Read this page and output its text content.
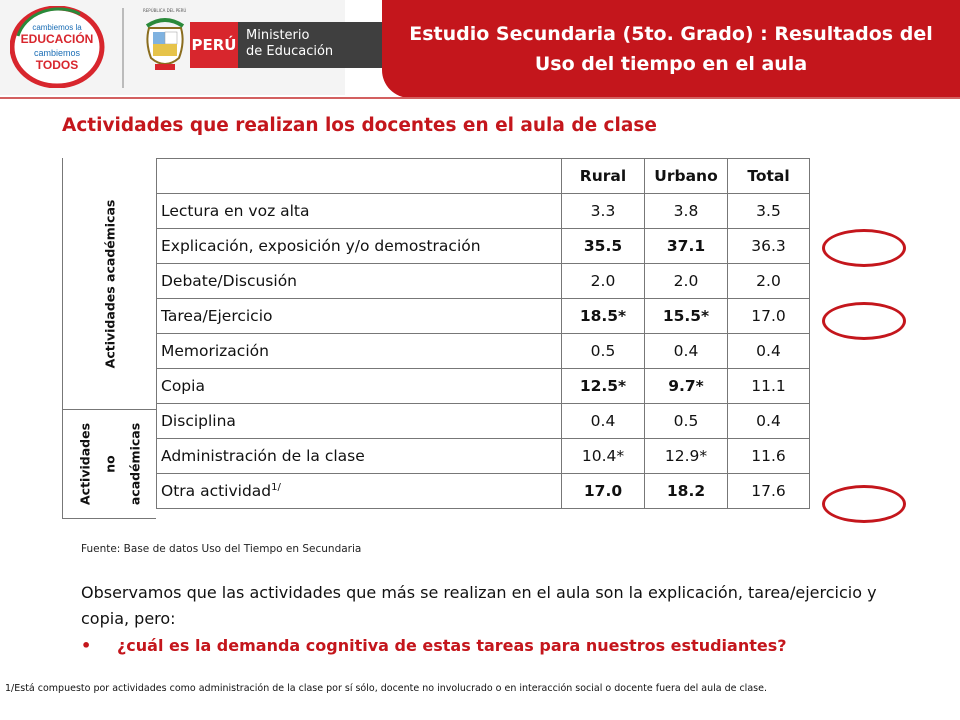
cambiemos la
EDUCACIÓN
cambiemos
TODOS
REPÚBLICA DEL PERÚ
PERÚ
Ministerio
de Educación
Estudio Secundaria (5to. Grado) : Resultados del Uso del tiempo en el aula
Actividades que realizan los docentes en el aula de clase
Actividades académicas
Actividades no académicas
	Rural	Urbano	Total
Lectura en voz alta	3.3	3.8	3.5
Explicación, exposición y/o demostración	35.5	37.1	36.3
Debate/Discusión	2.0	2.0	2.0
Tarea/Ejercicio	18.5*	15.5*	17.0
Memorización	0.5	0.4	0.4
Copia	12.5*	9.7*	11.1
Disciplina	0.4	0.5	0.4
Administración de la clase	10.4*	12.9*	11.6
Otra actividad$^{1/}$	17.0	18.2	17.6
Fuente: Base de datos Uso del Tiempo en Secundaria
Observamos que las actividades que más se realizan en el aula son la explicación, tarea/ejercicio y copia, pero:
• ¿cuál es la demanda cognitiva de estas tareas para nuestros estudiantes?
1/Está compuesto por actividades como administración de la clase por sí sólo, docente no involucrado o en interacción social o docente fuera del aula de clase.
